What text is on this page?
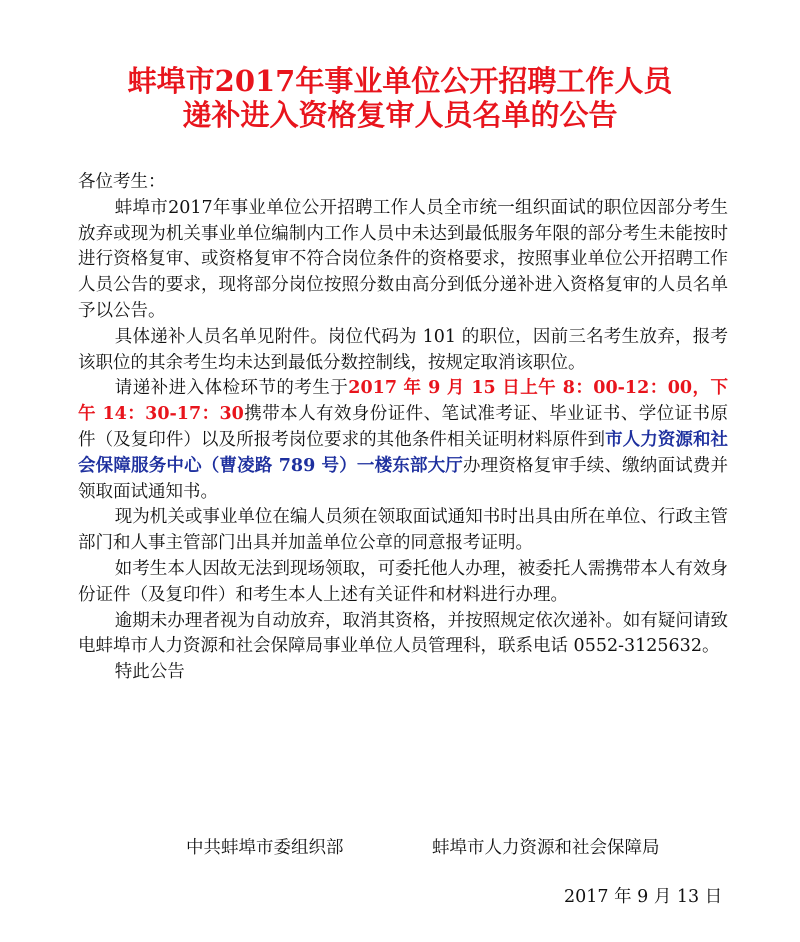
蚌埠市2017年事业单位公开招聘工作人员
递补进入资格复审人员名单的公告

各位考生：

蚌埠市2017年事业单位公开招聘工作人员全市统一组织面试的职位因部分考生放弃或现为机关事业单位编制内工作人员中未达到最低服务年限的部分考生未能按时进行资格复审、或资格复审不符合岗位条件的资格要求，按照事业单位公开招聘工作人员公告的要求，现将部分岗位按照分数由高分到低分递补进入资格复审的人员名单予以公告。

具体递补人员名单见附件。岗位代码为 101 的职位，因前三名考生放弃，报考该职位的其余考生均未达到最低分数控制线，按规定取消该职位。

请递补进入体检环节的考生于2017 年 9 月 15 日上午 8：00-12：00，下午 14：30-17：30携带本人有效身份证件、笔试准考证、毕业证书、学位证书原件（及复印件）以及所报考岗位要求的其他条件相关证明材料原件到市人力资源和社会保障服务中心（曹凌路 789 号）一楼东部大厅办理资格复审手续、缴纳面试费并领取面试通知书。

现为机关或事业单位在编人员须在领取面试通知书时出具由所在单位、行政主管部门和人事主管部门出具并加盖单位公章的同意报考证明。

如考生本人因故无法到现场领取，可委托他人办理，被委托人需携带本人有效身份证件（及复印件）和考生本人上述有关证件和材料进行办理。

逾期未办理者视为自动放弃，取消其资格，并按照规定依次递补。如有疑问请致电蚌埠市人力资源和社会保障局事业单位人员管理科，联系电话 0552-3125632。

特此公告

中共蚌埠市委组织部	蚌埠市人力资源和社会保障局
2017 年 9 月 13 日
